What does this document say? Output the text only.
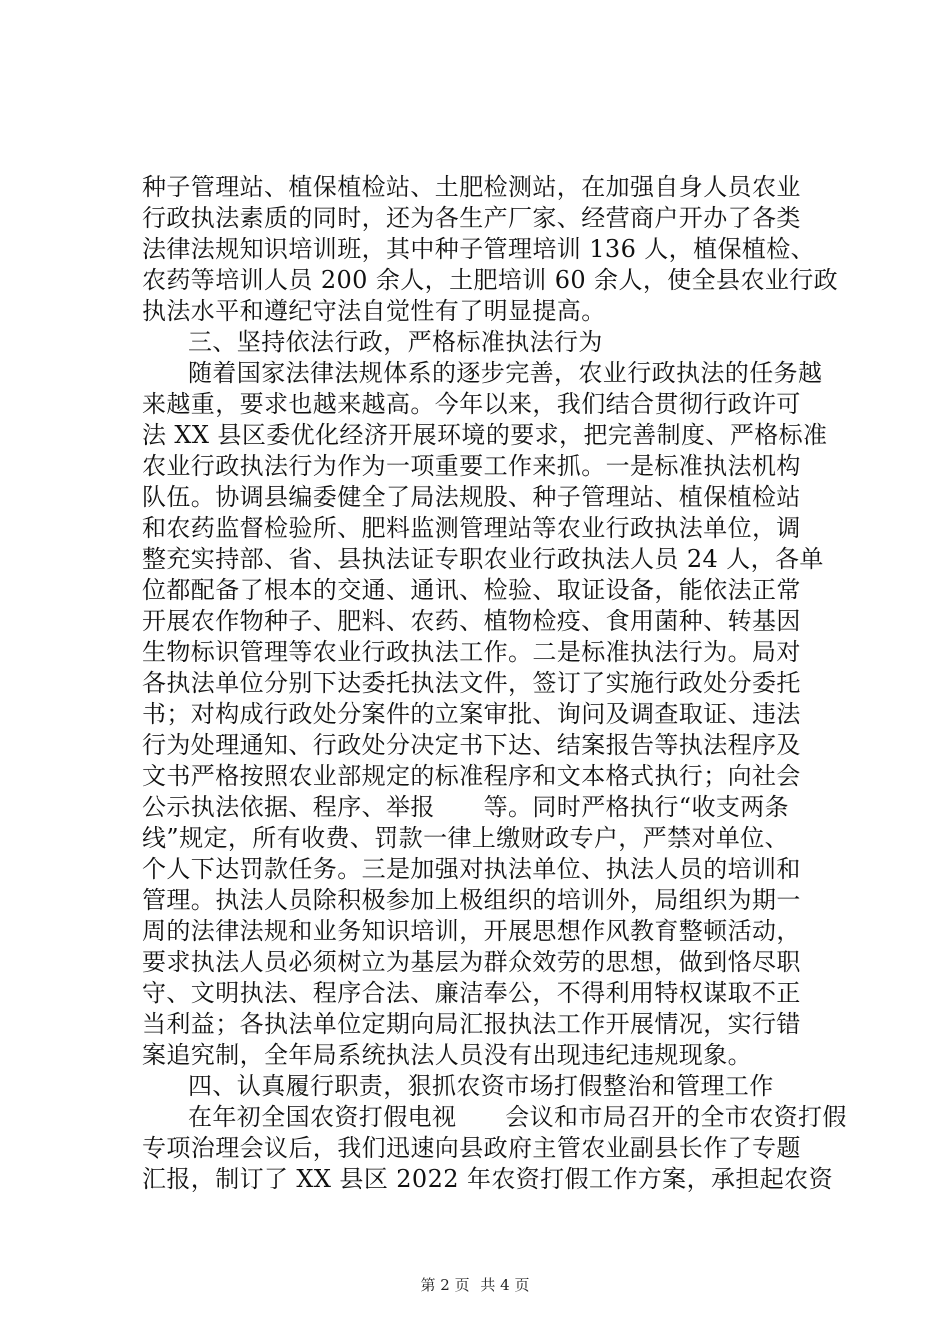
种子管理站、植保植检站、土肥检测站，在加强自身人员农业
行政执法素质的同时，还为各生产厂家、经营商户开办了各类
法律法规知识培训班，其中种子管理培训 136 人，植保植检、
农药等培训人员 200 余人，土肥培训 60 余人，使全县农业行政
执法水平和遵纪守法自觉性有了明显提高。
三、坚持依法行政，严格标准执法行为
随着国家法律法规体系的逐步完善，农业行政执法的任务越
来越重，要求也越来越高。今年以来，我们结合贯彻行政许可
法 XX 县区委优化经济开展环境的要求，把完善制度、严格标准
农业行政执法行为作为一项重要工作来抓。一是标准执法机构
队伍。协调县编委健全了局法规股、种子管理站、植保植检站
和农药监督检验所、肥料监测管理站等农业行政执法单位，调
整充实持部、省、县执法证专职农业行政执法人员 24 人，各单
位都配备了根本的交通、通讯、检验、取证设备，能依法正常
开展农作物种子、肥料、农药、植物检疫、食用菌种、转基因
生物标识管理等农业行政执法工作。二是标准执法行为。局对
各执法单位分别下达委托执法文件，签订了实施行政处分委托
书；对构成行政处分案件的立案审批、询问及调查取证、违法
行为处理通知、行政处分决定书下达、结案报告等执法程序及
文书严格按照农业部规定的标准程序和文本格式执行；向社会
公示执法依据、程序、举报　　等。同时严格执行“收支两条
线”规定，所有收费、罚款一律上缴财政专户，严禁对单位、
个人下达罚款任务。三是加强对执法单位、执法人员的培训和
管理。执法人员除积极参加上极组织的培训外，局组织为期一
周的法律法规和业务知识培训，开展思想作风教育整顿活动，
要求执法人员必须树立为基层为群众效劳的思想，做到恪尽职
守、文明执法、程序合法、廉洁奉公，不得利用特权谋取不正
当利益；各执法单位定期向局汇报执法工作开展情况，实行错
案追究制，全年局系统执法人员没有出现违纪违规现象。
四、认真履行职责，狠抓农资市场打假整治和管理工作
在年初全国农资打假电视　　会议和市局召开的全市农资打假
专项治理会议后，我们迅速向县政府主管农业副县长作了专题
汇报，制订了 XX 县区 2022 年农资打假工作方案，承担起农资
第 2 页 共 4 页
